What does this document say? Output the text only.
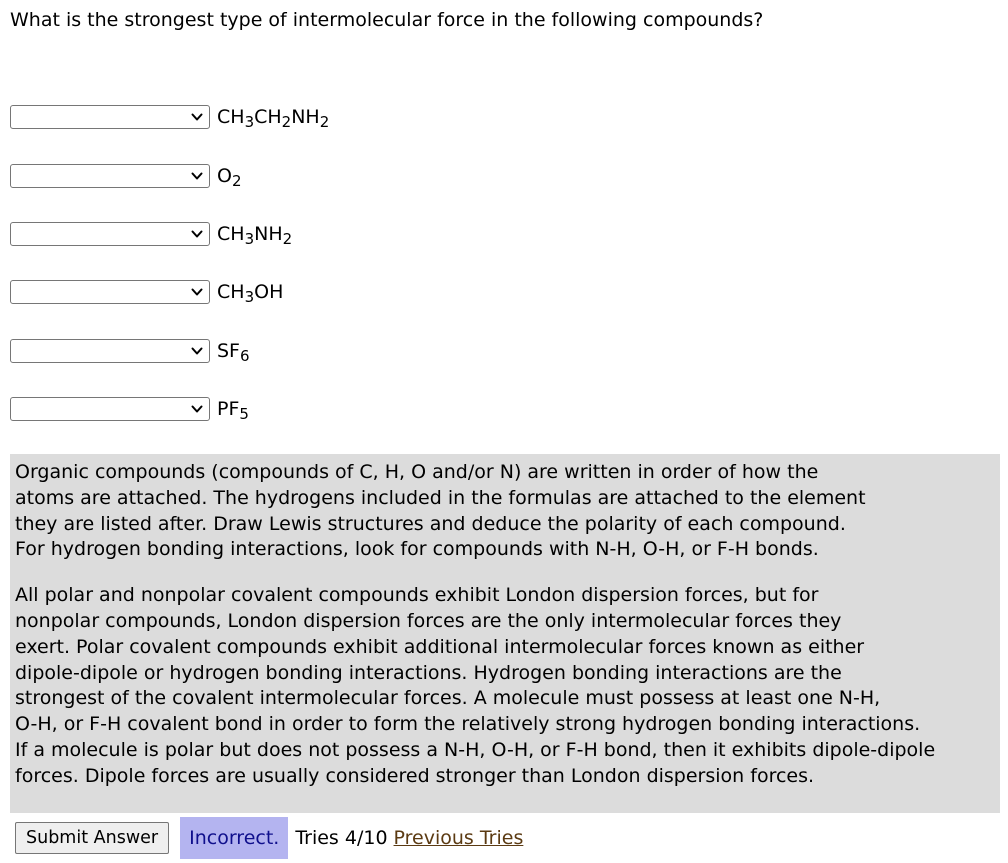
What is the strongest type of intermolecular force in the following compounds?
$CH_3CH_2NH_2$
$O_2$
$CH_3NH_2$
$CH_3OH$
$SF_6$
$PF_5$

Organic compounds (compounds of C, H, O and/or N) are written in order of how the
atoms are attached. The hydrogens included in the formulas are attached to the element
they are listed after. Draw Lewis structures and deduce the polarity of each compound.
For hydrogen bonding interactions, look for compounds with N-H, O-H, or F-H bonds.

All polar and nonpolar covalent compounds exhibit London dispersion forces, but for
nonpolar compounds, London dispersion forces are the only intermolecular forces they
exert. Polar covalent compounds exhibit additional intermolecular forces known as either
dipole-dipole or hydrogen bonding interactions. Hydrogen bonding interactions are the
strongest of the covalent intermolecular forces. A molecule must possess at least one N-H,
O-H, or F-H covalent bond in order to form the relatively strong hydrogen bonding interactions.
If a molecule is polar but does not possess a N-H, O-H, or F-H bond, then it exhibits dipole-dipole
forces. Dipole forces are usually considered stronger than London dispersion forces.

Submit Answer	Incorrect. Tries 4/10 Previous Tries
